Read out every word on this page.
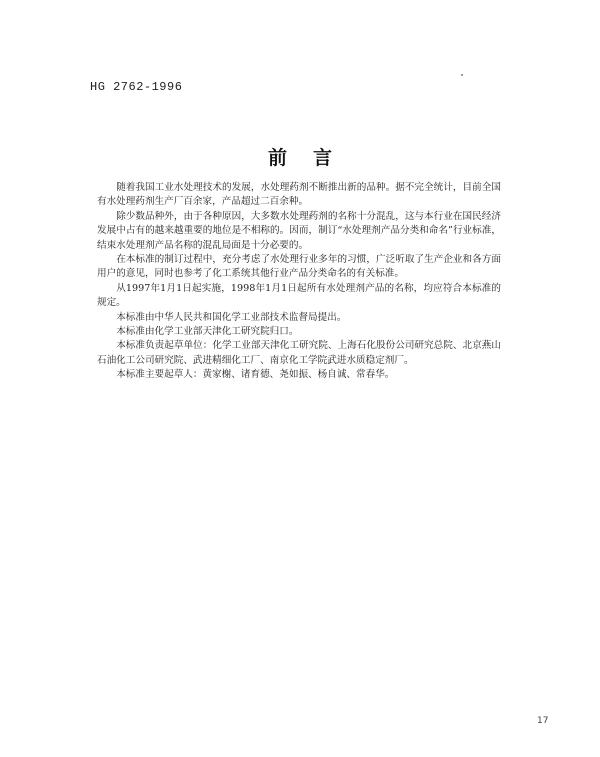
HG 2762-1996
前言

随着我国工业水处理技术的发展，水处理药剂不断推出新的品种。据不完全统计，目前全国有水处理药剂生产厂百余家，产品超过二百余种。

除少数品种外，由于各种原因，大多数水处理药剂的名称十分混乱，这与本行业在国民经济发展中占有的越来越重要的地位是不相称的。因而，制订“水处理剂产品分类和命名”行业标准，结束水处理剂产品名称的混乱局面是十分必要的。

在本标准的制订过程中，充分考虑了水处理行业多年的习惯，广泛听取了生产企业和各方面用户的意见，同时也参考了化工系统其他行业产品分类命名的有关标准。

从1997年1月1日起实施，1998年1月1日起所有水处理剂产品的名称，均应符合本标准的规定。

本标准由中华人民共和国化学工业部技术监督局提出。

本标准由化学工业部天津化工研究院归口。

本标准负责起草单位：化学工业部天津化工研究院、上海石化股份公司研究总院、北京燕山石油化工公司研究院、武进精细化工厂、南京化工学院武进水质稳定剂厂。

本标准主要起草人：黄家榭、诸育德、尧如振、杨自诚、常春华。

17
